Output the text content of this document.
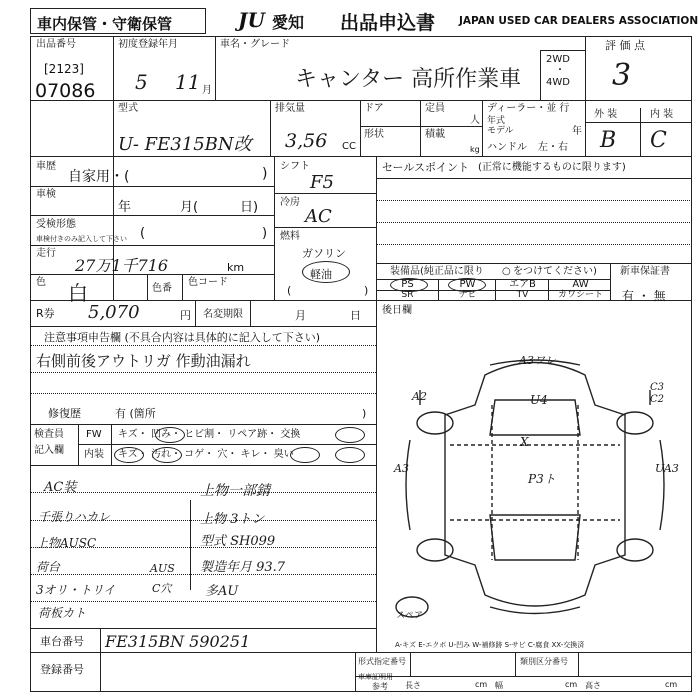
車内保管・守衛保管	JU 愛知 出品申込書 JAPAN USED CAR DEALERS ASSOCIATION
出品番号
[2123]
07086
初度登録年月
5 11 月
車名・グレード
キャンター 高所作業車
2WD
・
4WD
評 価 点
3
型式
U- FE315BN改
排気量
3,56 CC
ドア
形状
定員
人
積載
kg
ディーラー・並 行
年式
モデル	年
ハンドル 左・右
外 装	内 装
B C
車歴
自家用・(	)
車検
年	月(	日)
受検形態
車検付きのみ記入して下さい (	)
走行
27万1千716	km
色 白	色番
色コード
シフト
F5
冷房
AC
燃料
ガソリン
軽油
(	)
セールスポイント (正常に機能するものに限ります)
装備品(純正品に限り ○ をつけてください) 新車保証書
有 ・ 無
PS	PW	エアB	AW
SR	ナビ	TV	カワシート
R券 5,070	円 名変期限	月	日 後日欄
注意事項申告欄 (不具合内容は具体的に記入して下さい)
右側前後アウトリガ 作動油漏れ
修復歴	有 (箇所	)
検査員
記入欄
FW キズ・ 凹み・ ヒビ割・ リペア跡・ 交換
内装 キズ・ 汚れ・ コゲ・ 穴・ キレ・ 臭い
AC装
千張りハカレ
上物AUSC
荷台
3オリ・トリイ
荷板カト
AUS
C穴
上物一部錆
上物 3トン
型式 SH099
製造年月 93.7
多AU
A3ワレ
A2
C3
C2
U4
X
P3ト
A3	UA3
スペア
A-キズ E-エクボ U-凹み W-補修跡 S-サビ C-腐食 XX-交換済
車台番号 FE315BN 590251
登録番号
形式指定番号	類別区分番号
車庫証明用
参考 長さ	cm 幅	cm 高さ	cm
